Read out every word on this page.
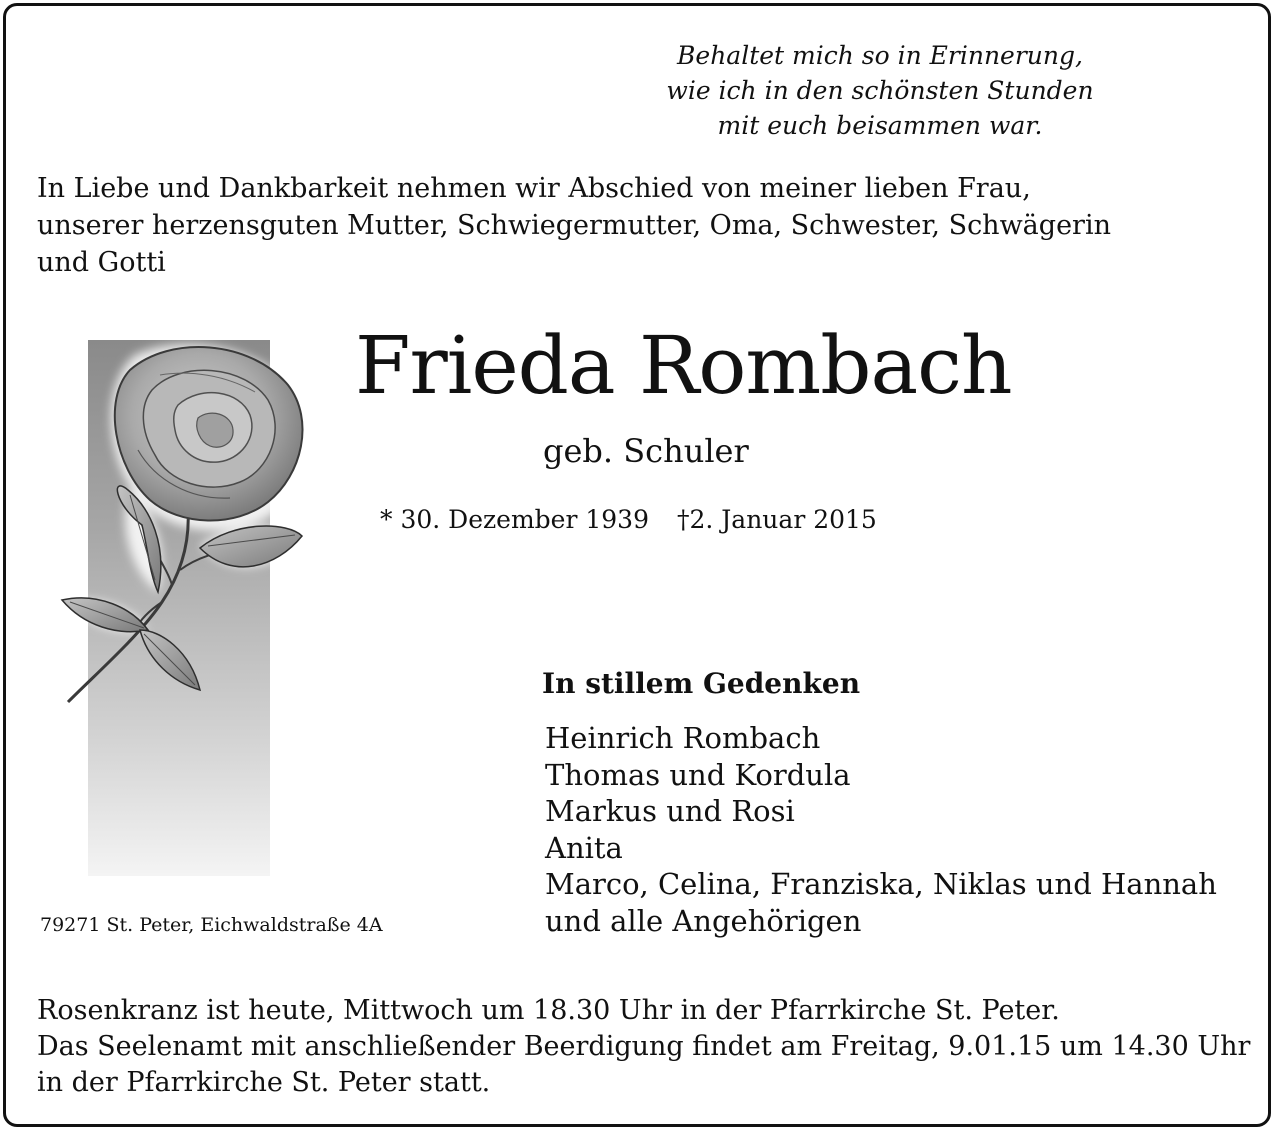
Behaltet mich so in Erinnerung,
wie ich in den schönsten Stunden
mit euch beisammen war.
In Liebe und Dankbarkeit nehmen wir Abschied von meiner lieben Frau,
unserer herzensguten Mutter, Schwiegermutter, Oma, Schwester, Schwägerin
und Gotti
Frieda Rombach
geb. Schuler
* 30. Dezember 1939 †2. Januar 2015
In stillem Gedenken
Heinrich Rombach
Thomas und Kordula
Markus und Rosi
Anita
Marco, Celina, Franziska, Niklas und Hannah
und alle Angehörigen
79271 St. Peter, Eichwaldstraße 4A
Rosenkranz ist heute, Mittwoch um 18.30 Uhr in der Pfarrkirche St. Peter.
Das Seelenamt mit anschließender Beerdigung findet am Freitag, 9.01.15 um 14.30 Uhr
in der Pfarrkirche St. Peter statt.
